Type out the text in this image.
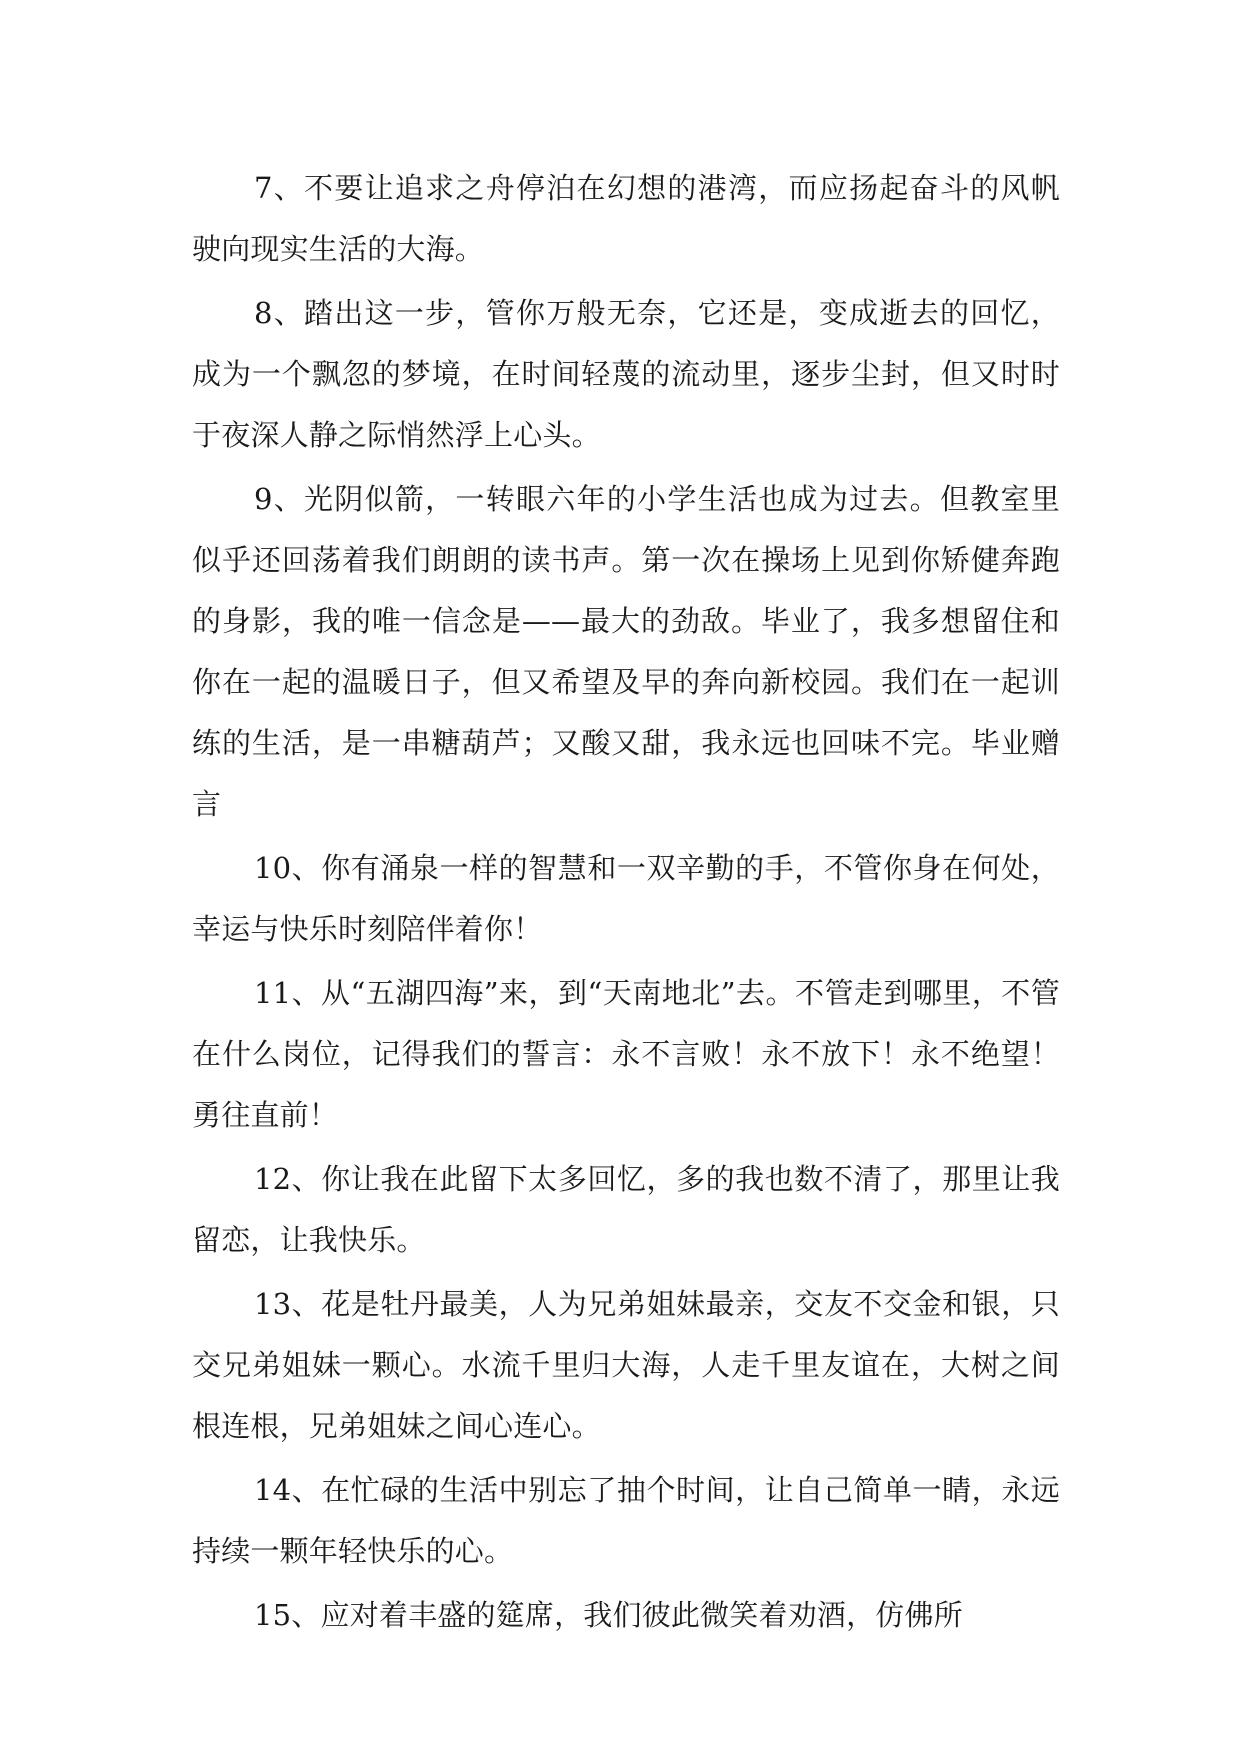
7、不要让追求之舟停泊在幻想的港湾，而应扬起奋斗的风帆驶向现实生活的大海。

8、踏出这一步，管你万般无奈，它还是，变成逝去的回忆，成为一个飘忽的梦境，在时间轻蔑的流动里，逐步尘封，但又时时于夜深人静之际悄然浮上心头。

9、光阴似箭，一转眼六年的小学生活也成为过去。但教室里似乎还回荡着我们朗朗的读书声。第一次在操场上见到你矫健奔跑的身影，我的唯一信念是——最大的劲敌。毕业了，我多想留住和你在一起的温暖日子，但又希望及早的奔向新校园。我们在一起训练的生活，是一串糖葫芦；又酸又甜，我永远也回味不完。毕业赠言

10、你有涌泉一样的智慧和一双辛勤的手，不管你身在何处，幸运与快乐时刻陪伴着你！

11、从“五湖四海”来，到“天南地北”去。不管走到哪里，不管在什么岗位，记得我们的誓言：永不言败！永不放下！永不绝望！勇往直前！

12、你让我在此留下太多回忆，多的我也数不清了，那里让我留恋，让我快乐。

13、花是牡丹最美，人为兄弟姐妹最亲，交友不交金和银，只交兄弟姐妹一颗心。水流千里归大海，人走千里友谊在，大树之间根连根，兄弟姐妹之间心连心。

14、在忙碌的生活中别忘了抽个时间，让自己简单一睛，永远持续一颗年轻快乐的心。

15、应对着丰盛的筵席，我们彼此微笑着劝酒，仿佛所
